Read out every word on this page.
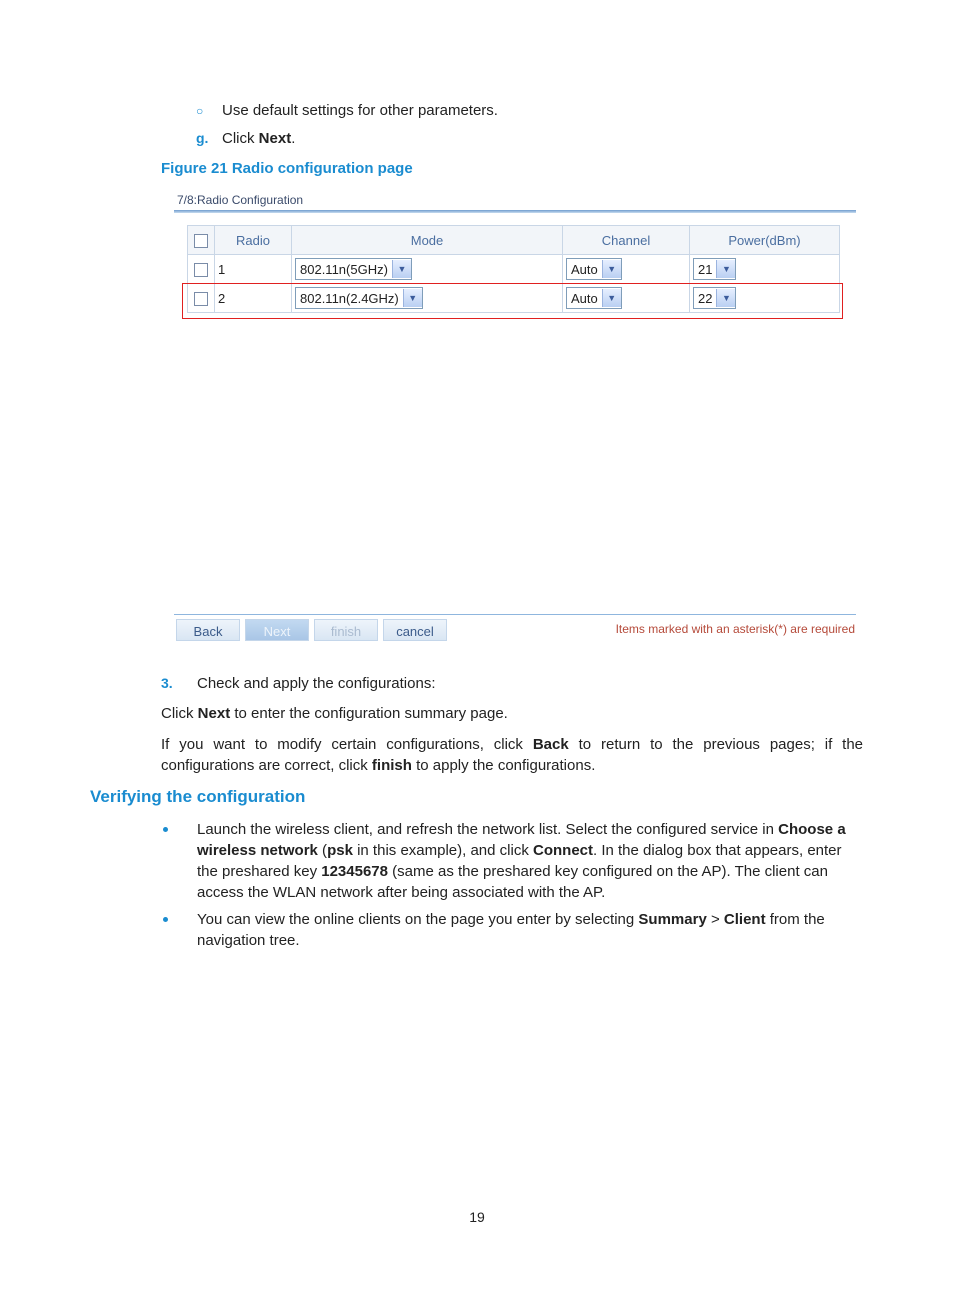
○ Use default settings for other parameters.
g. Click Next.
Figure 21 Radio configuration page
7/8:Radio Configuration
	Radio	Mode	Channel	Power(dBm)
	1	802.11n(5GHz) ▼	Auto ▼	21 ▼

	2	802.11n(2.4GHz) ▼	Auto ▼	22 ▼
Back	Next	finish	cancel	Items marked with an asterisk(*) are required
3. Check and apply the configurations:
Click Next to enter the configuration summary page.
If you want to modify certain configurations, click Back to return to the previous pages; if the configurations are correct, click finish to apply the configurations.
Verifying the configuration
Launch the wireless client, and refresh the network list. Select the configured service in Choose a wireless network (psk in this example), and click Connect. In the dialog box that appears, enter the preshared key 12345678 (same as the preshared key configured on the AP). The client can access the WLAN network after being associated with the AP.
You can view the online clients on the page you enter by selecting Summary > Client from the navigation tree.
19
